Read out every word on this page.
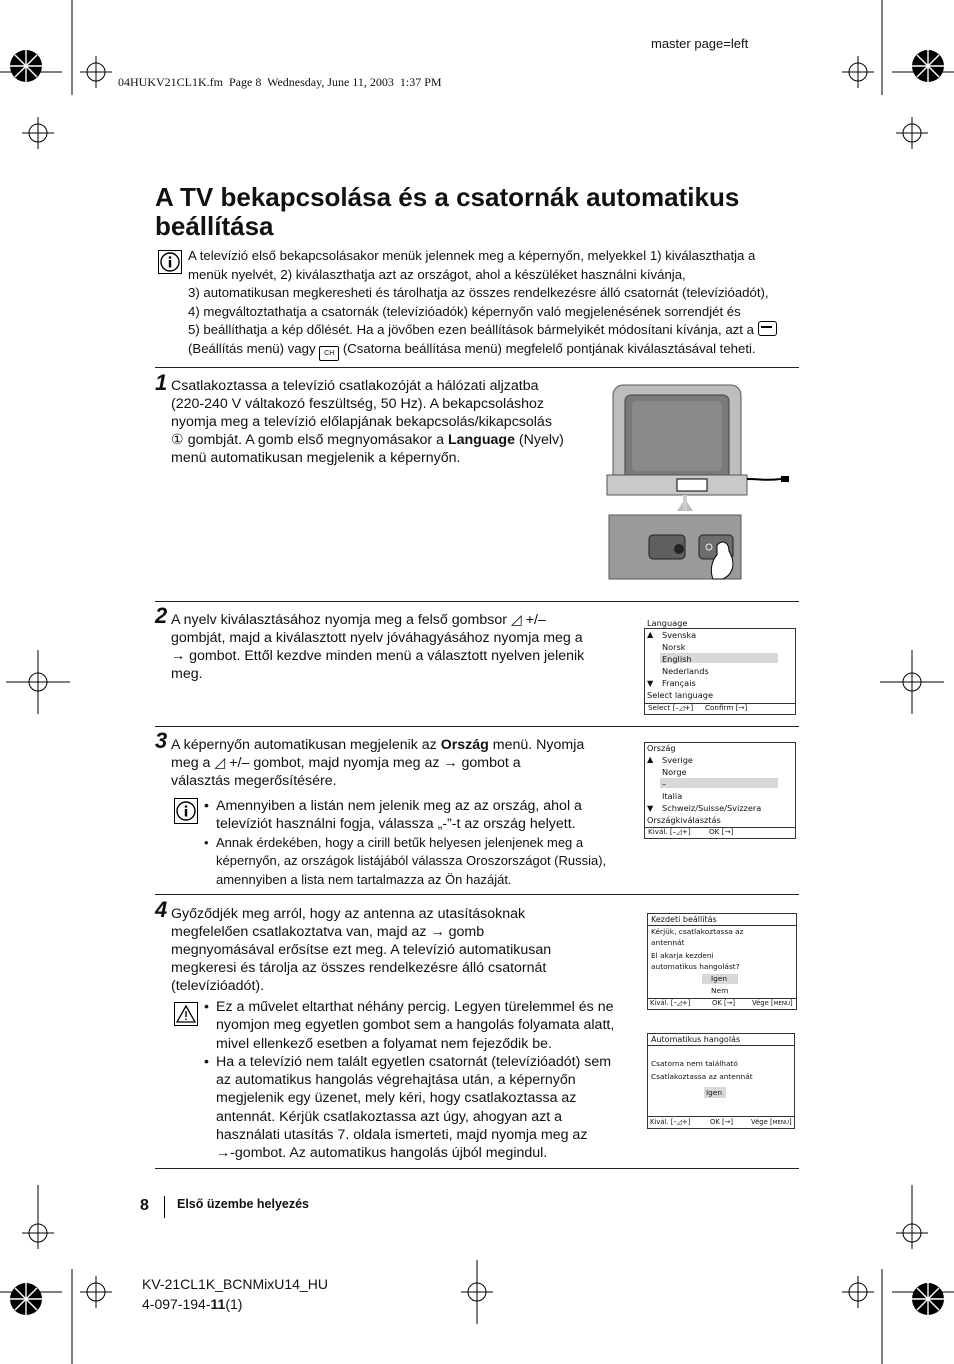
master page=left
04HUKV21CL1K.fm  Page 8  Wednesday, June 11, 2003  1:37 PM
A TV bekapcsolása és a csatornák automatikus beállítása

A televízió első bekapcsolásakor menük jelennek meg a képernyőn, melyekkel 1) kiválaszthatja a

menük nyelvét, 2) kiválaszthatja azt az országot, ahol a készüléket használni kívánja,

3) automatikusan megkeresheti és tárolhatja az összes rendelkezésre álló csatornát (televízióadót),

4) megváltoztathatja a csatornák (televízióadók) képernyőn való megjelenésének sorrendjét és

5) beállíthatja a kép dőlését. Ha a jövőben ezen beállítások bármelyikét módosítani kívánja, azt a

(Beállítás menü) vagy CH (Csatorna beállítása menü) megfelelő pontjának kiválasztásával teheti.

1 Csatlakoztassa a televízió csatlakozóját a hálózati aljzatba
(220-240 V váltakozó feszültség, 50 Hz). A bekapcsoláshoz
nyomja meg a televízió előlapjának bekapcsolás/kikapcsolás
① gombját. A gomb első megnyomásakor a Language (Nyelv)
menü automatikusan megjelenik a képernyőn.
2 A nyelv kiválasztásához nyomja meg a felső gombsor ◿ +/–
gombját, majd a kiválasztott nyelv jóváhagyásához nyomja meg a
→ gombot. Ettől kezdve minden menü a választott nyelven jelenik
meg.
Language
Svenska
Norsk
English
Nederlands
Français
▲
▼
Select language
Select [–◿+] Confirm [→]
3 A képernyőn automatikusan megjelenik az Ország menü. Nyomja
meg a ◿ +/– gombot, majd nyomja meg az → gombot a
választás megerősítésére.
• Amennyiben a listán nem jelenik meg az az ország, ahol a televíziót használni fogja, válassza „-”-t az ország helyett.
• Annak érdekében, hogy a cirill betűk helyesen jelenjenek meg a képernyőn, az országok listájából válassza Oroszországot (Russia), amennyiben a lista nem tartalmazza az Ön hazáját.
Ország
Sverige
Norge
–
Italia
Schweiz/Suisse/Svizzera
▲
▼
Országkiválasztás
Kivál. [–◿+]	OK [→]
4 Győződjék meg arról, hogy az antenna az utasításoknak
megfelelően csatlakoztatva van, majd az → gomb
megnyomásával erősítse ezt meg. A televízió automatikusan
megkeresi és tárolja az összes rendelkezésre álló csatornát
(televízióadót).
• Ez a művelet eltarthat néhány percig. Legyen türelemmel és ne nyomjon meg egyetlen gombot sem a hangolás folyamata alatt, mivel ellenkező esetben a folyamat nem fejeződik be.
• Ha a televízió nem talált egyetlen csatornát (televízióadót) sem az automatikus hangolás végrehajtása után, a képernyőn megjelenik egy üzenet, mely kéri, hogy csatlakoztassa az antennát. Kérjük csatlakoztassa azt úgy, ahogyan azt a használati utasítás 7. oldala ismerteti, majd nyomja meg az
→-gombot. Az automatikus hangolás újból megindul.
Kezdeti beállítás
Kérjük, csatlakoztassa az
antennát
El akarja kezdeni
automatikus hangolást?
Igen
Nem
Kivál. [–◿+]	OK [→]	Vége [MENU]
Automatikus hangolás
Csatorna nem található
Csatlakoztassa az antennát
Igen
Kivál. [–◿+]	OK [→]	Vége [MENU]
8 Első üzembe helyezés
KV-21CL1K_BCNMixU14_HU
4-097-194-11(1)
